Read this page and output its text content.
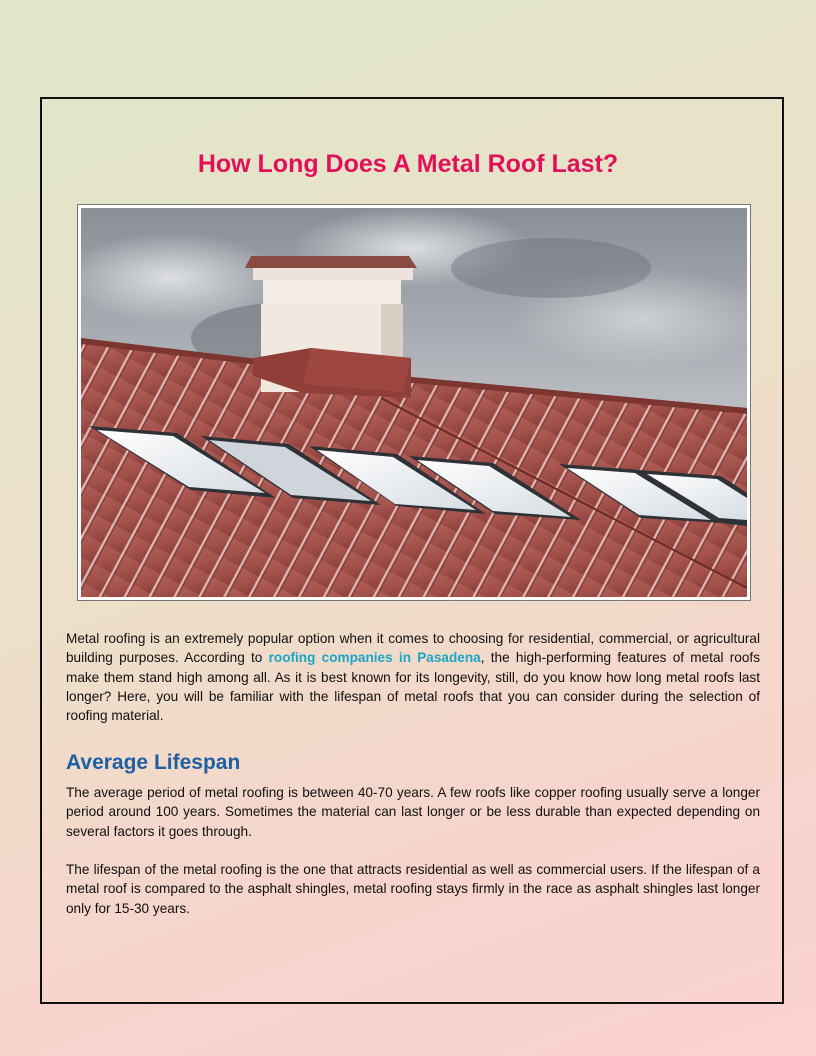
How Long Does A Metal Roof Last?

Metal roofing is an extremely popular option when it comes to choosing for residential, commercial, or agricultural building purposes. According to roofing companies in Pasadena, the high-performing features of metal roofs make them stand high among all. As it is best known for its longevity, still, do you know how long metal roofs last longer? Here, you will be familiar with the lifespan of metal roofs that you can consider during the selection of roofing material.

Average Lifespan

The average period of metal roofing is between 40-70 years. A few roofs like copper roofing usually serve a longer period around 100 years. Sometimes the material can last longer or be less durable than expected depending on several factors it goes through.

The lifespan of the metal roofing is the one that attracts residential as well as commercial users. If the lifespan of a metal roof is compared to the asphalt shingles, metal roofing stays firmly in the race as asphalt shingles last longer only for 15-30 years.
